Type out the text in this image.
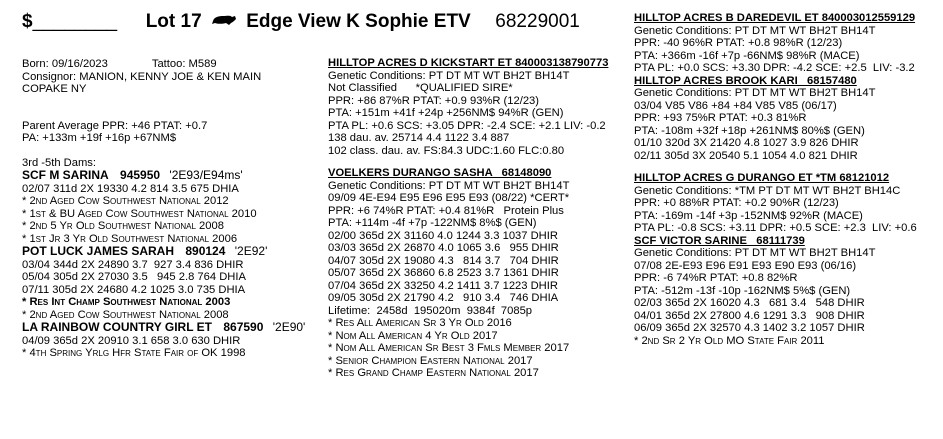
$________ Lot 17 Edge View K Sophie ETV 68229001
Born: 09/16/2023	Tattoo: M589
Consignor: MANION, KENNY JOE & KEN MAIN
COPAKE NY
Parent Average PPR: +46 PTAT: +0.7
PA: +133m +19f +16p +67NM$
3rd -5th Dams:
SCF M SARINA 945950 '2E93/E94ms'
02/07 311d 2X 19330 4.2 814 3.5 675 DHIA
* 2nd Aged Cow Southwest National 2012
* 1st & BU Aged Cow Southwest National 2010
* 2nd 5 Yr Old Southwest National 2008
* 1st Jr 3 Yr Old Southwest National 2006
POT LUCK JAMES SARAH 890124 '2E92'
03/04 344d 2X 24890 3.7  927 3.4 836 DHIR
05/04 305d 2X 27030 3.5   945 2.8 764 DHIA
07/11 305d 2X 24680 4.2 1025 3.0 735 DHIA
* Res Int Champ Southwest National 2003
* 2nd Aged Cow Southwest National 2008
LA RAINBOW COUNTRY GIRL ET 867590 '2E90'
04/09 365d 2X 20910 3.1 658 3.0 630 DHIR
* 4th Spring Yrlg Hfr State Fair of OK 1998
HILLTOP ACRES D KICKSTART ET 840003138790773
Genetic Conditions: PT DT MT WT BH2T BH14T
Not Classified      *QUALIFIED SIRE*
PPR: +86 87%R PTAT: +0.9 93%R (12/23)
PTA: +151m +41f +24p +256NM$ 94%R (GEN)
PTA PL: +0.6 SCS: +3.05 DPR: -2.4 SCE: +2.1 LIV: -0.2
138 dau. av. 25714 4.4 1122 3.4 887
102 class. dau. av. FS:84.3 UDC:1.60 FLC:0.80
VOELKERS DURANGO SASHA   68148090
Genetic Conditions: PT DT MT WT BH2T BH14T
09/09 4E-E94 E95 E96 E95 E93 (08/22) *CERT*
PPR: +6 74%R PTAT: +0.4 81%R   Protein Plus
PTA: +114m -4f +7p -122NM$ 8%$ (GEN)
02/00 365d 2X 31160 4.0 1244 3.3 1037 DHIR
03/03 365d 2X 26870 4.0 1065 3.6   955 DHIR
04/07 305d 2X 19080 4.3   814 3.7   704 DHIR
05/07 365d 2X 36860 6.8 2523 3.7 1361 DHIR
07/04 365d 2X 33250 4.2 1411 3.7 1223 DHIR
09/05 305d 2X 21790 4.2   910 3.4   746 DHIA
Lifetime:  2458d  195020m  9384f  7085p
* Res All American Sr 3 Yr Old 2016
* Nom All American 4 Yr Old 2017
* Nom All American Sr Best 3 Fmls Member 2017
* Senior Champion Eastern National 2017
* Res Grand Champ Eastern National 2017
HILLTOP ACRES B DAREDEVIL ET 840003012559129
Genetic Conditions: PT DT MT WT BH2T BH14T
PPR: -40 96%R PTAT: +0.8 98%R (12/23)
PTA: +366m -16f +7p -66NM$ 98%R (MACE)
PTA PL: +0.0 SCS: +3.30 DPR: -4.2 SCE: +2.5  LIV: -3.2
HILLTOP ACRES BROOK KARI   68157480
Genetic Conditions: PT DT MT WT BH2T BH14T
03/04 V85 V86 +84 +84 V85 V85 (06/17)
PPR: +93 75%R PTAT: +0.3 81%R
PTA: -108m +32f +18p +261NM$ 80%$ (GEN)
01/10 320d 3X 21420 4.8 1027 3.9 826 DHIR
02/11 305d 3X 20540 5.1 1054 4.0 821 DHIR
HILLTOP ACRES G DURANGO ET *TM 68121012
Genetic Conditions: *TM PT DT MT WT BH2T BH14C
PPR: +0 88%R PTAT: +0.2 90%R (12/23)
PTA: -169m -14f +3p -152NM$ 92%R (MACE)
PTA PL: -0.8 SCS: +3.11 DPR: +0.5 SCE: +2.3  LIV: +0.6
SCF VICTOR SARINE   68111739
Genetic Conditions: PT DT MT WT BH2T BH14T
07/08 2E-E93 E96 E91 E93 E90 E93 (06/16)
PPR: -6 74%R PTAT: +0.8 82%R
PTA: -512m -13f -10p -162NM$ 5%$ (GEN)
02/03 365d 2X 16020 4.3   681 3.4   548 DHIR
04/01 365d 2X 27800 4.6 1291 3.3   908 DHIR
06/09 365d 2X 32570 4.3 1402 3.2 1057 DHIR
* 2nd Sr 2 Yr Old MO State Fair 2011
